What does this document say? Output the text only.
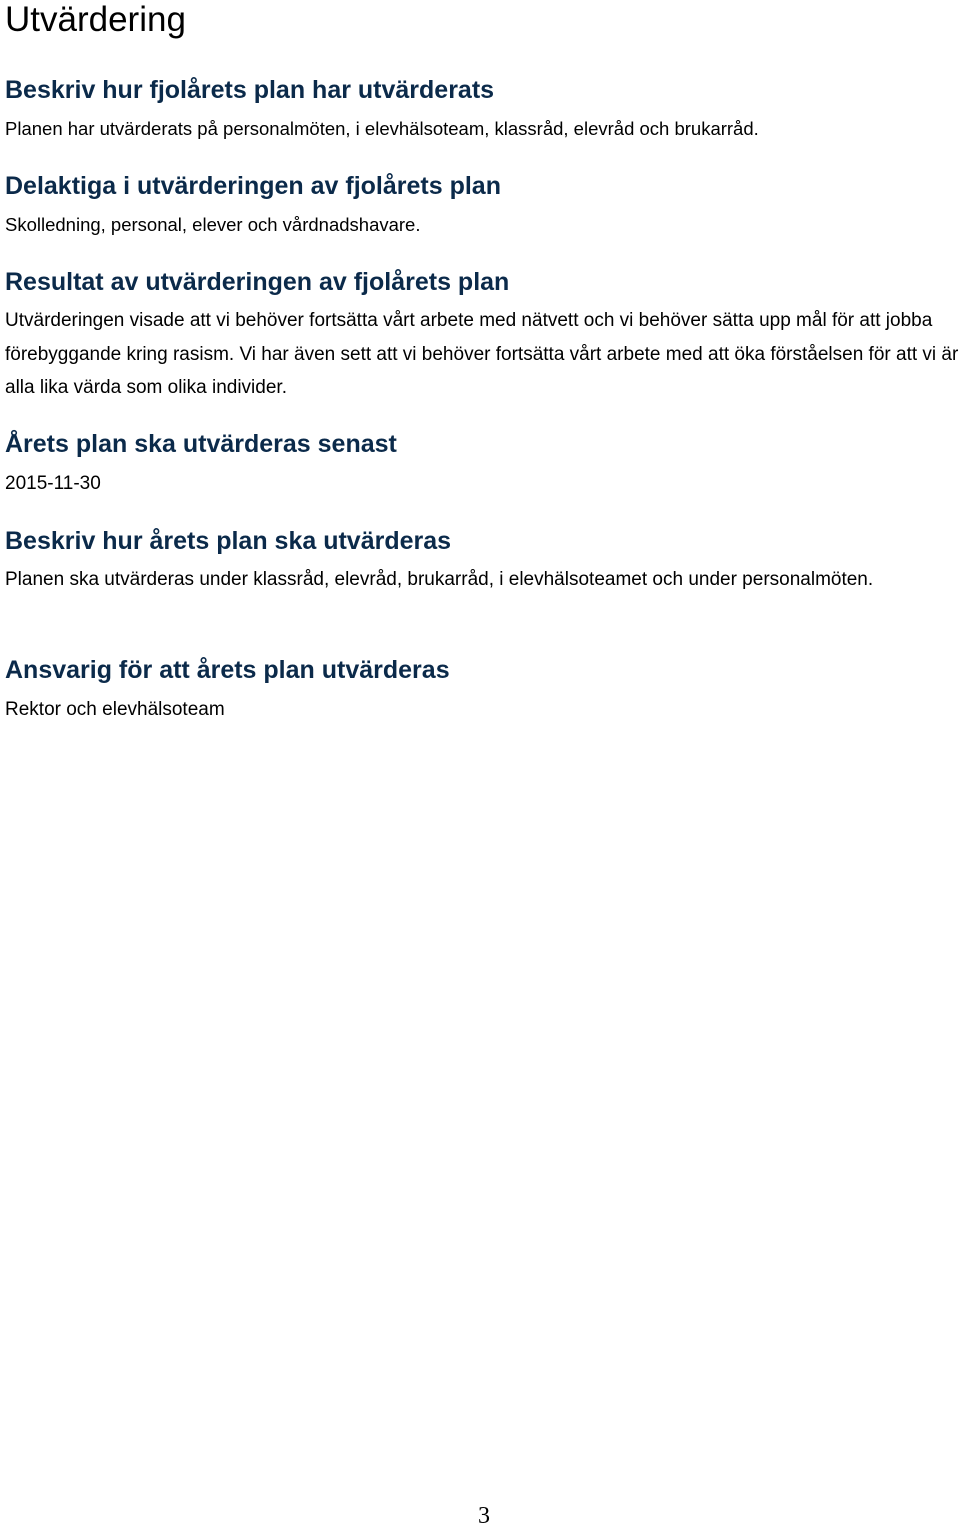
Utvärdering
Beskriv hur fjolårets plan har utvärderats

Planen har utvärderats på personalmöten, i elevhälsoteam, klassråd, elevråd och brukarråd.

Delaktiga i utvärderingen av fjolårets plan

Skolledning, personal, elever och vårdnadshavare.

Resultat av utvärderingen av fjolårets plan

Utvärderingen visade att vi behöver fortsätta vårt arbete med nätvett och vi behöver sätta upp mål för att jobba förebyggande kring rasism. Vi har även sett att vi behöver fortsätta vårt arbete med att öka förståelsen för att vi är alla lika värda som olika individer.

Årets plan ska utvärderas senast

2015-11-30

Beskriv hur årets plan ska utvärderas

Planen ska utvärderas under klassråd, elevråd, brukarråd, i elevhälsoteamet och under personalmöten.

Ansvarig för att årets plan utvärderas

Rektor och elevhälsoteam

3
